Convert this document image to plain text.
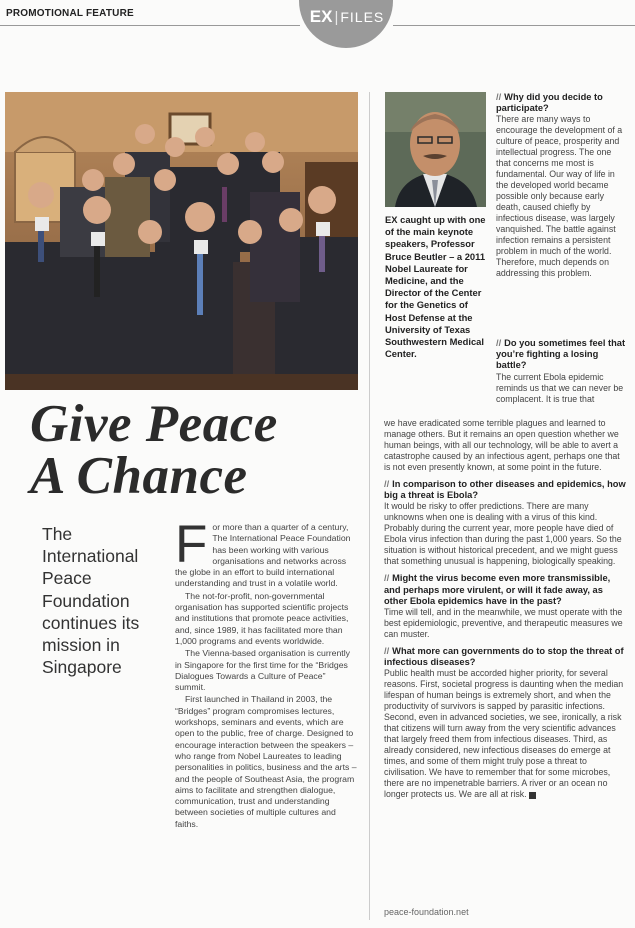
PROMOTIONAL FEATURE	EX | FILES
EX caught up with one of the main keynote speakers, Professor Bruce Beutler – a 2011 Nobel Laureate for Medicine, and the Director of the Center for the Genetics of Host Defense at the University of Texas Southwestern Medical Center.
Give Peace
A Chance
The International Peace Foundation continues its mission in Singapore

For more than a quarter of a century, The International Peace Foundation has been working with various organisations and networks across the globe in an effort to build international understanding and trust in a volatile world.

The not-for-profit, non-governmental organisation has supported scientific projects and institutions that promote peace activities, and, since 1989, it has facilitated more than 1,000 programs and events worldwide.

The Vienna-based organisation is currently in Singapore for the first time for the “Bridges Dialogues Towards a Culture of Peace” summit.

First launched in Thailand in 2003, the “Bridges” program compromises lectures, workshops, seminars and events, which are open to the public, free of charge. Designed to encourage interaction between the speakers – who range from Nobel Laureates to leading personalities in politics, business and the arts – and the people of Southeast Asia, the program aims to facilitate and strengthen dialogue, communication, trust and understanding between societies of multiple cultures and faiths.

// Why did you decide to participate?
There are many ways to encourage the development of a culture of peace, prosperity and intellectual progress. The one that concerns me most is fundamental. Our way of life in the developed world became possible only because early death, caused chiefly by infectious disease, was largely vanquished. The battle against infection remains a persistent problem in much of the world. Therefore, much depends on addressing this problem.
// Do you sometimes feel that you’re fighting a losing battle?
The current Ebola epidemic reminds us that we can never be complacent. It is true that
we have eradicated some terrible plagues and learned to manage others. But it remains an open question whether we human beings, with all our technology, will be able to avert a catastrophe caused by an infectious agent, perhaps one that is not even presently known, at some point in the future.
// In comparison to other diseases and epidemics, how big a threat is Ebola?
It would be risky to offer predictions. There are many unknowns when one is dealing with a virus of this kind. Probably during the current year, more people have died of Ebola virus infection than during the past 1,000 years. So the situation is without historical precedent, and we might guess that something unusual is happening, biologically speaking.
// Might the virus become even more transmissible, and perhaps more virulent, or will it fade away, as other Ebola epidemics have in the past?
Time will tell, and in the meanwhile, we must operate with the best epidemiologic, preventive, and therapeutic measures we can muster.
// What more can governments do to stop the threat of infectious diseases?
Public health must be accorded higher priority, for several reasons. First, societal progress is daunting when the median lifespan of human beings is extremely short, and when the productivity of survivors is sapped by parasitic infections. Second, even in advanced societies, we see, ironically, a risk that citizens will turn away from the very scientific advances that largely freed them from infectious diseases. Third, as already considered, new infectious diseases do emerge at times, and some of them might truly pose a threat to civilisation. We have to remember that for some microbes, there are no impenetrable barriers. A river or an ocean no longer protects us. We are all at risk.
peace-foundation.net
